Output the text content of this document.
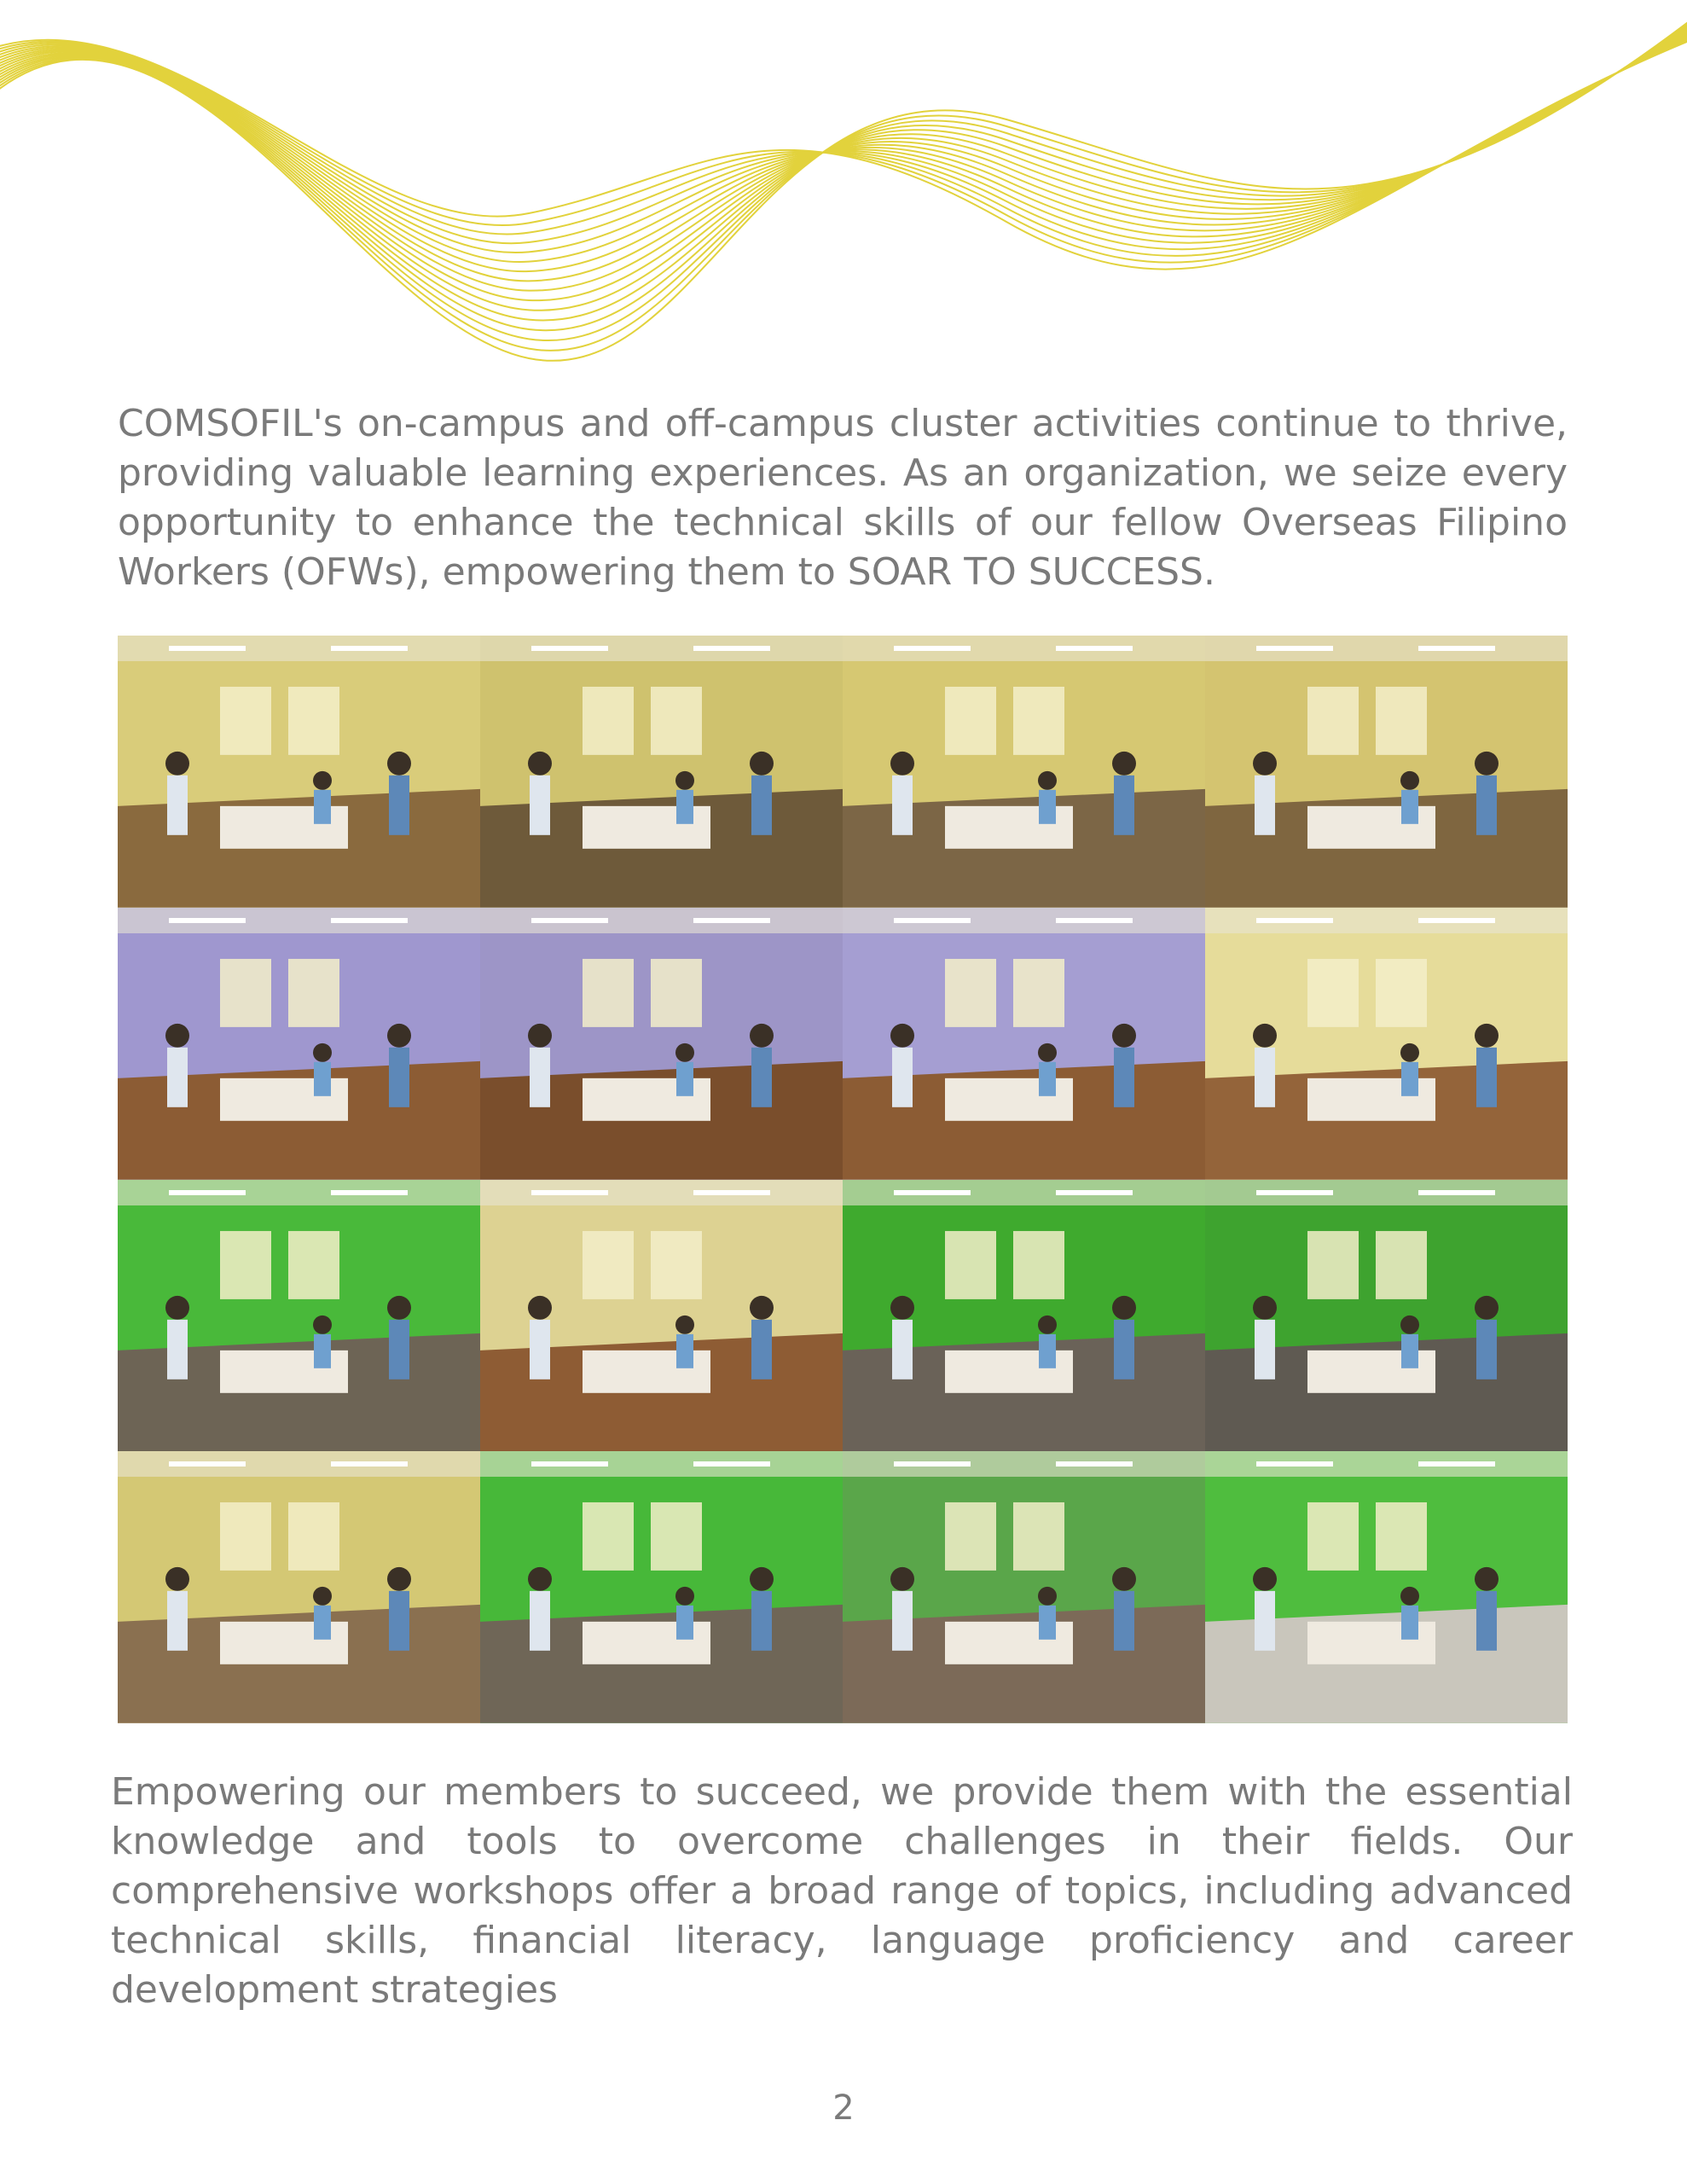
COMSOFIL's on-campus and off-campus cluster activities continue to thrive, providing valuable learning experiences. As an organization, we seize every opportunity to enhance the technical skills of our fellow Overseas Filipino Workers (OFWs), empowering them to SOAR TO SUCCESS.

Empowering our members to succeed, we provide them with the essential knowledge and tools to overcome challenges in their fields. Our comprehensive workshops offer a broad range of topics, including advanced technical skills, financial literacy, language proficiency and career development strategies

2
